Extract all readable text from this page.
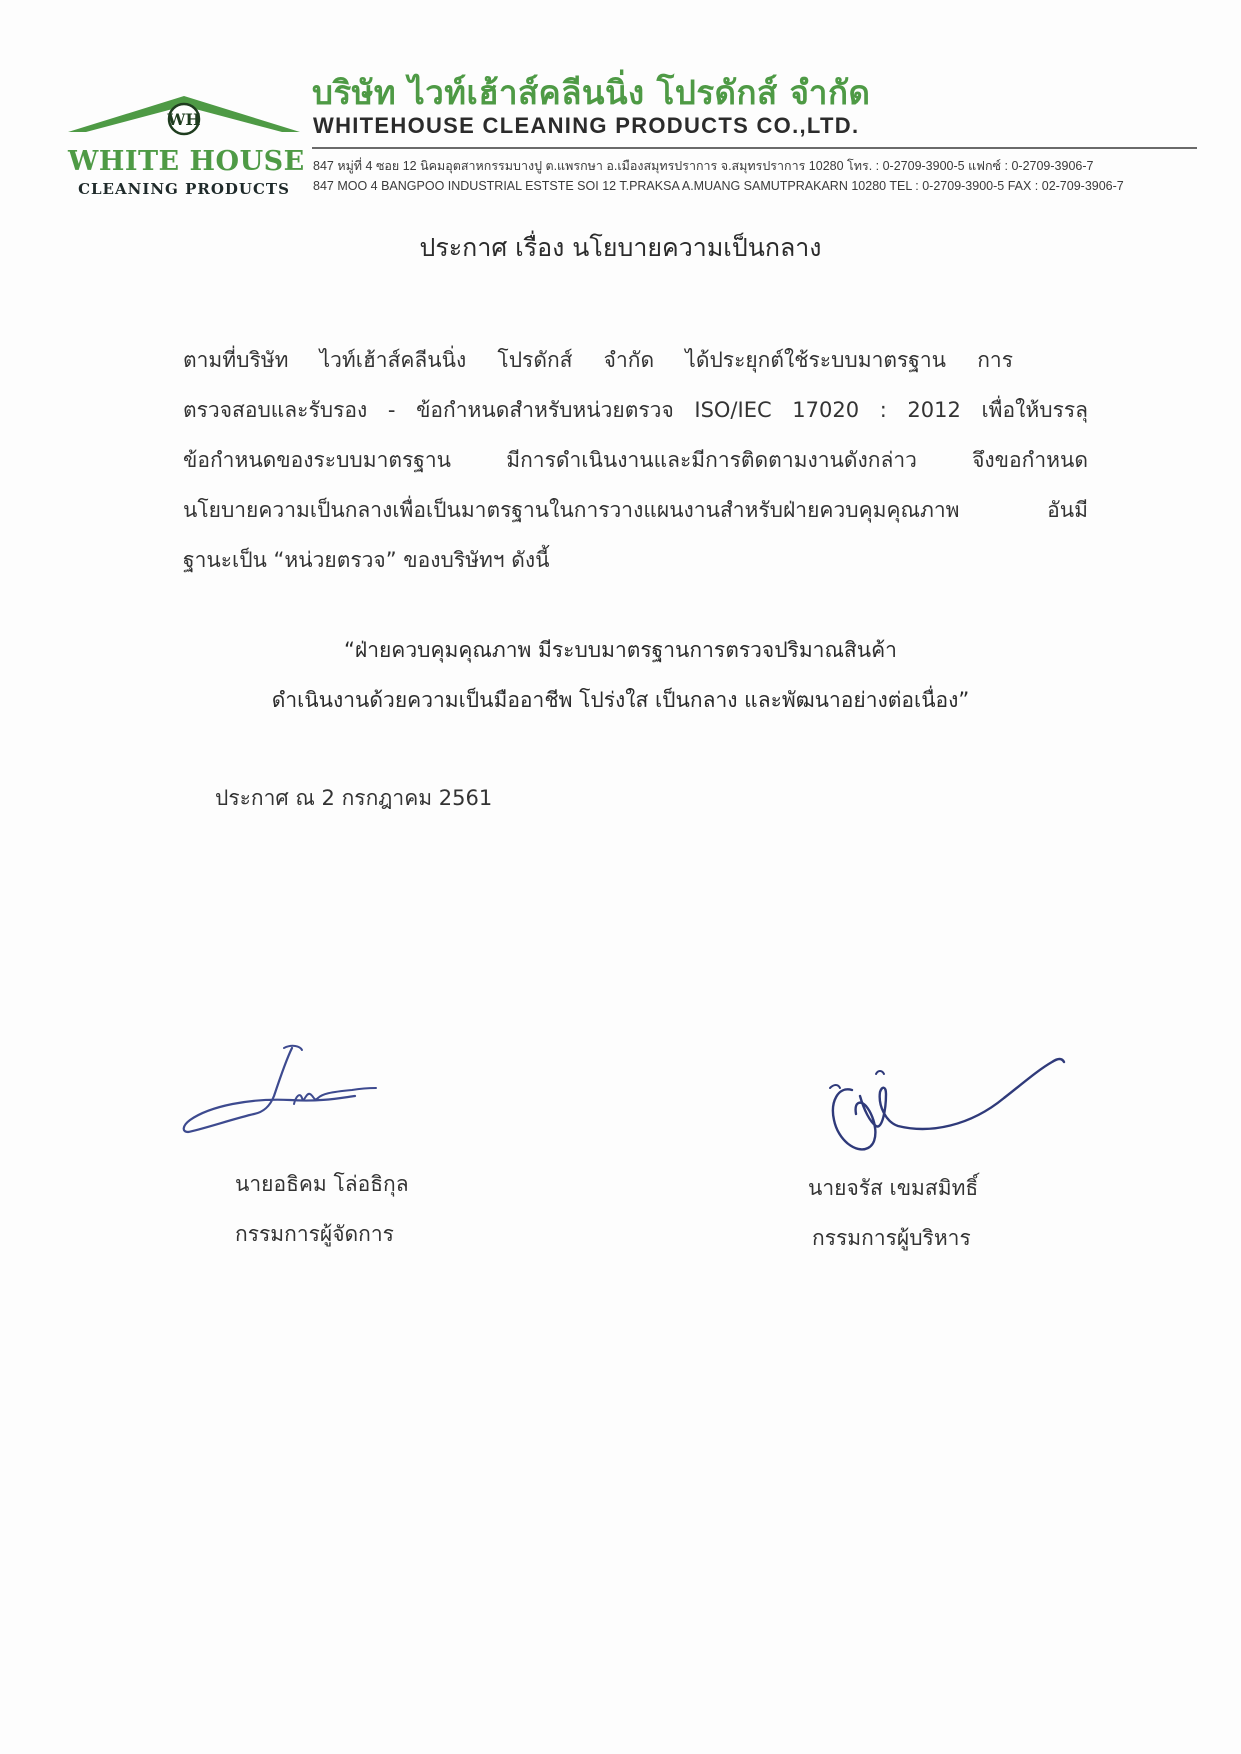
WH
WHITE HOUSE
CLEANING PRODUCTS
บริษัท ไวท์เฮ้าส์คลีนนิ่ง โปรดักส์ จำกัด
WHITEHOUSE CLEANING PRODUCTS CO.,LTD.
847 หมู่ที่ 4 ซอย 12 นิคมอุตสาหกรรมบางปู ต.แพรกษา อ.เมืองสมุทรปราการ จ.สมุทรปราการ 10280 โทร. : 0-2709-3900-5 แฟกซ์ : 0-2709-3906-7
847 MOO 4 BANGPOO INDUSTRIAL ESTSTE SOI 12 T.PRAKSA A.MUANG SAMUTPRAKARN 10280 TEL : 0-2709-3900-5 FAX : 02-709-3906-7
ประกาศ เรื่อง นโยบายความเป็นกลาง
ตามที่บริษัท ไวท์เฮ้าส์คลีนนิ่ง โปรดักส์ จำกัด ได้ประยุกต์ใช้ระบบมาตรฐาน การ
ตรวจสอบและรับรอง - ข้อกำหนดสำหรับหน่วยตรวจ ISO/IEC 17020 : 2012 เพื่อให้บรรลุ
ข้อกำหนดของระบบมาตรฐาน มีการดำเนินงานและมีการติดตามงานดังกล่าว จึงขอกำหนด
นโยบายความเป็นกลางเพื่อเป็นมาตรฐานในการวางแผนงานสำหรับฝ่ายควบคุมคุณภาพ อันมี
ฐานะเป็น “หน่วยตรวจ” ของบริษัทฯ ดังนี้
“ฝ่ายควบคุมคุณภาพ มีระบบมาตรฐานการตรวจปริมาณสินค้า
ดำเนินงานด้วยความเป็นมืออาชีพ โปร่งใส เป็นกลาง และพัฒนาอย่างต่อเนื่อง”
ประกาศ ณ 2 กรกฎาคม 2561
นายอธิคม โล่อธิกุล
กรรมการผู้จัดการ
นายจรัส เขมสมิทธิ์
กรรมการผู้บริหาร
